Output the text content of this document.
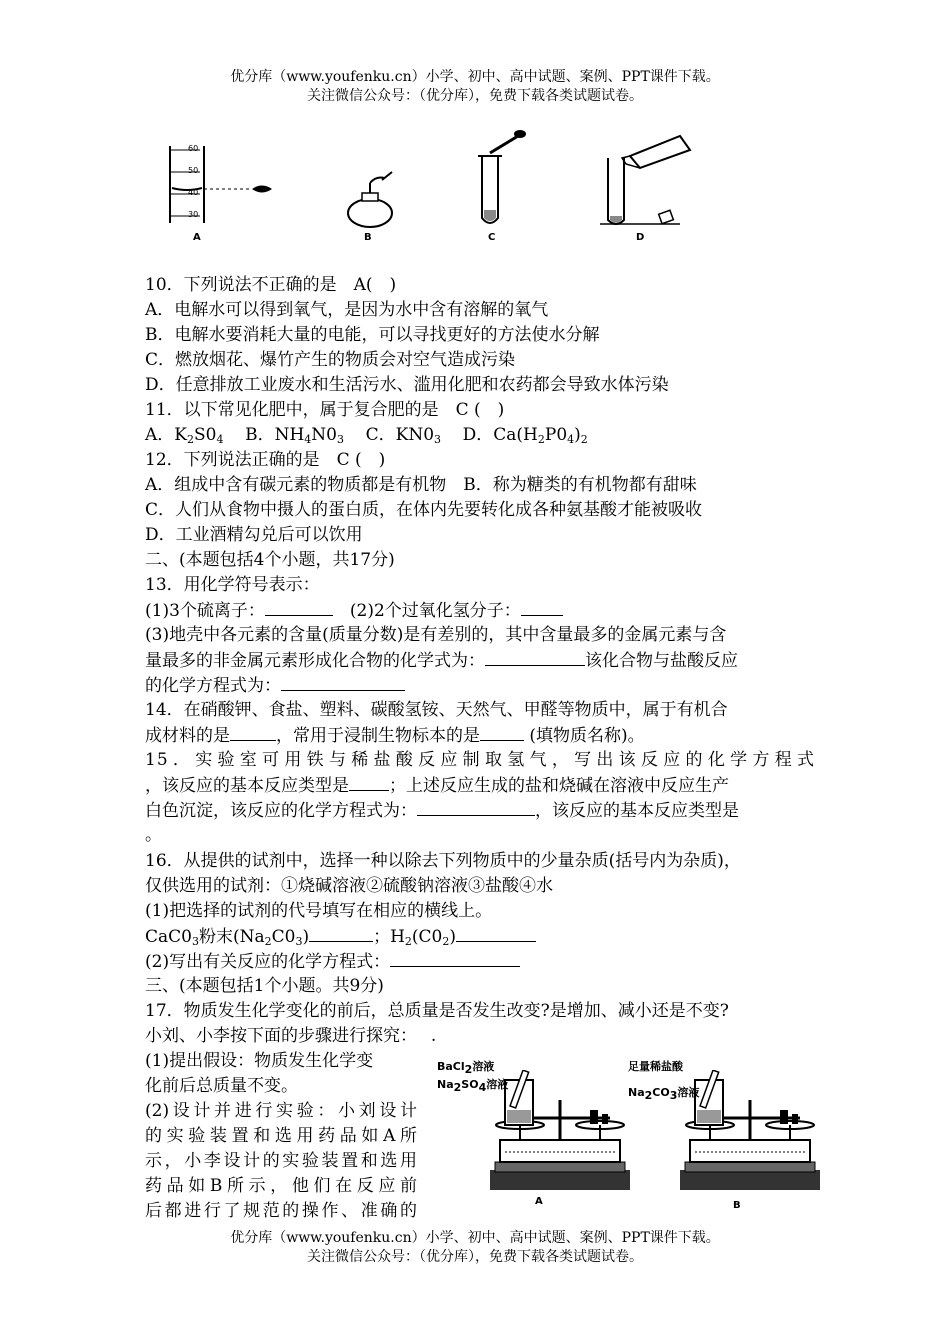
优分库（www.youfenku.cn）小学、初中、高中试题、案例、PPT课件下载。
关注微信公众号：（优分库），免费下载各类试题试卷。
60
50
40
30
A	B	C	D
10．下列说法不正确的是　A(　)
A．电解水可以得到氧气，是因为水中含有溶解的氧气
B．电解水要消耗大量的电能，可以寻找更好的方法使水分解
C．燃放烟花、爆竹产生的物质会对空气造成污染
D．任意排放工业废水和生活污水、滥用化肥和农药都会导致水体污染
11．以下常见化肥中，属于复合肥的是　C (　)
A．$K_2S0_4$ B．$NH_4N0_3$ C．$KN0_3$ D．$Ca(H_2P0_4)_2$
12．下列说法正确的是　C (　)
A．组成中含有碳元素的物质都是有机物　B．称为糖类的有机物都有甜味
C．人们从食物中摄人的蛋白质，在体内先要转化成各种氨基酸才能被吸收
D．工业酒精勾兑后可以饮用
二、(本题包括4个小题，共17分)
13．用化学符号表示：
(1)3个硫离子：	　(2)2个过氧化氢分子：
(3)地壳中各元素的含量(质量分数)是有差别的，其中含量最多的金属元素与含
量最多的非金属元素形成化合物的化学式为：	该化合物与盐酸反应
的化学方程式为：
14．在硝酸钾、食盐、塑料、碳酸氢铵、天然气、甲醛等物质中，属于有机合
成材料的是	，常用于浸制生物标本的是	(填物质名称)。
15．实验室可用铁与稀盐酸反应制取氢气，写出该反应的化学方程式
，该反应的基本反应类型是 ；上述反应生成的盐和烧碱在溶液中反应生产
白色沉淀，该反应的化学方程式为：	，该反应的基本反应类型是
。
16．从提供的试剂中，选择一种以除去下列物质中的少量杂质(括号内为杂质)，
仅供选用的试剂：①烧碱溶液②硫酸钠溶液③盐酸④水
(1)把选择的试剂的代号填写在相应的横线上。
$CaC0_3$粉末$(Na_2C0_3)$	；$H_2(C0_2)$
(2)写出有关反应的化学方程式：
三、(本题包括1个小题。共9分)
17．物质发生化学变化的前后，总质量是否发生改变?是增加、减小还是不变?
小刘、小李按下面的步骤进行探究：　 .
(1)提出假设：物质发生化学变
化前后总质量不变。
(2)设计并进行实验：小刘设计
的实验装置和选用药品如A所
示，小李设计的实验装置和选用
药品如B所示，他们在反应前
后都进行了规范的操作、准确的
BaCl$_2$溶液
$Na_2SO_4$溶液
足量稀盐酸
$Na_2CO_3$溶液
A	B
优分库（www.youfenku.cn）小学、初中、高中试题、案例、PPT课件下载。
关注微信公众号：（优分库），免费下载各类试题试卷。
